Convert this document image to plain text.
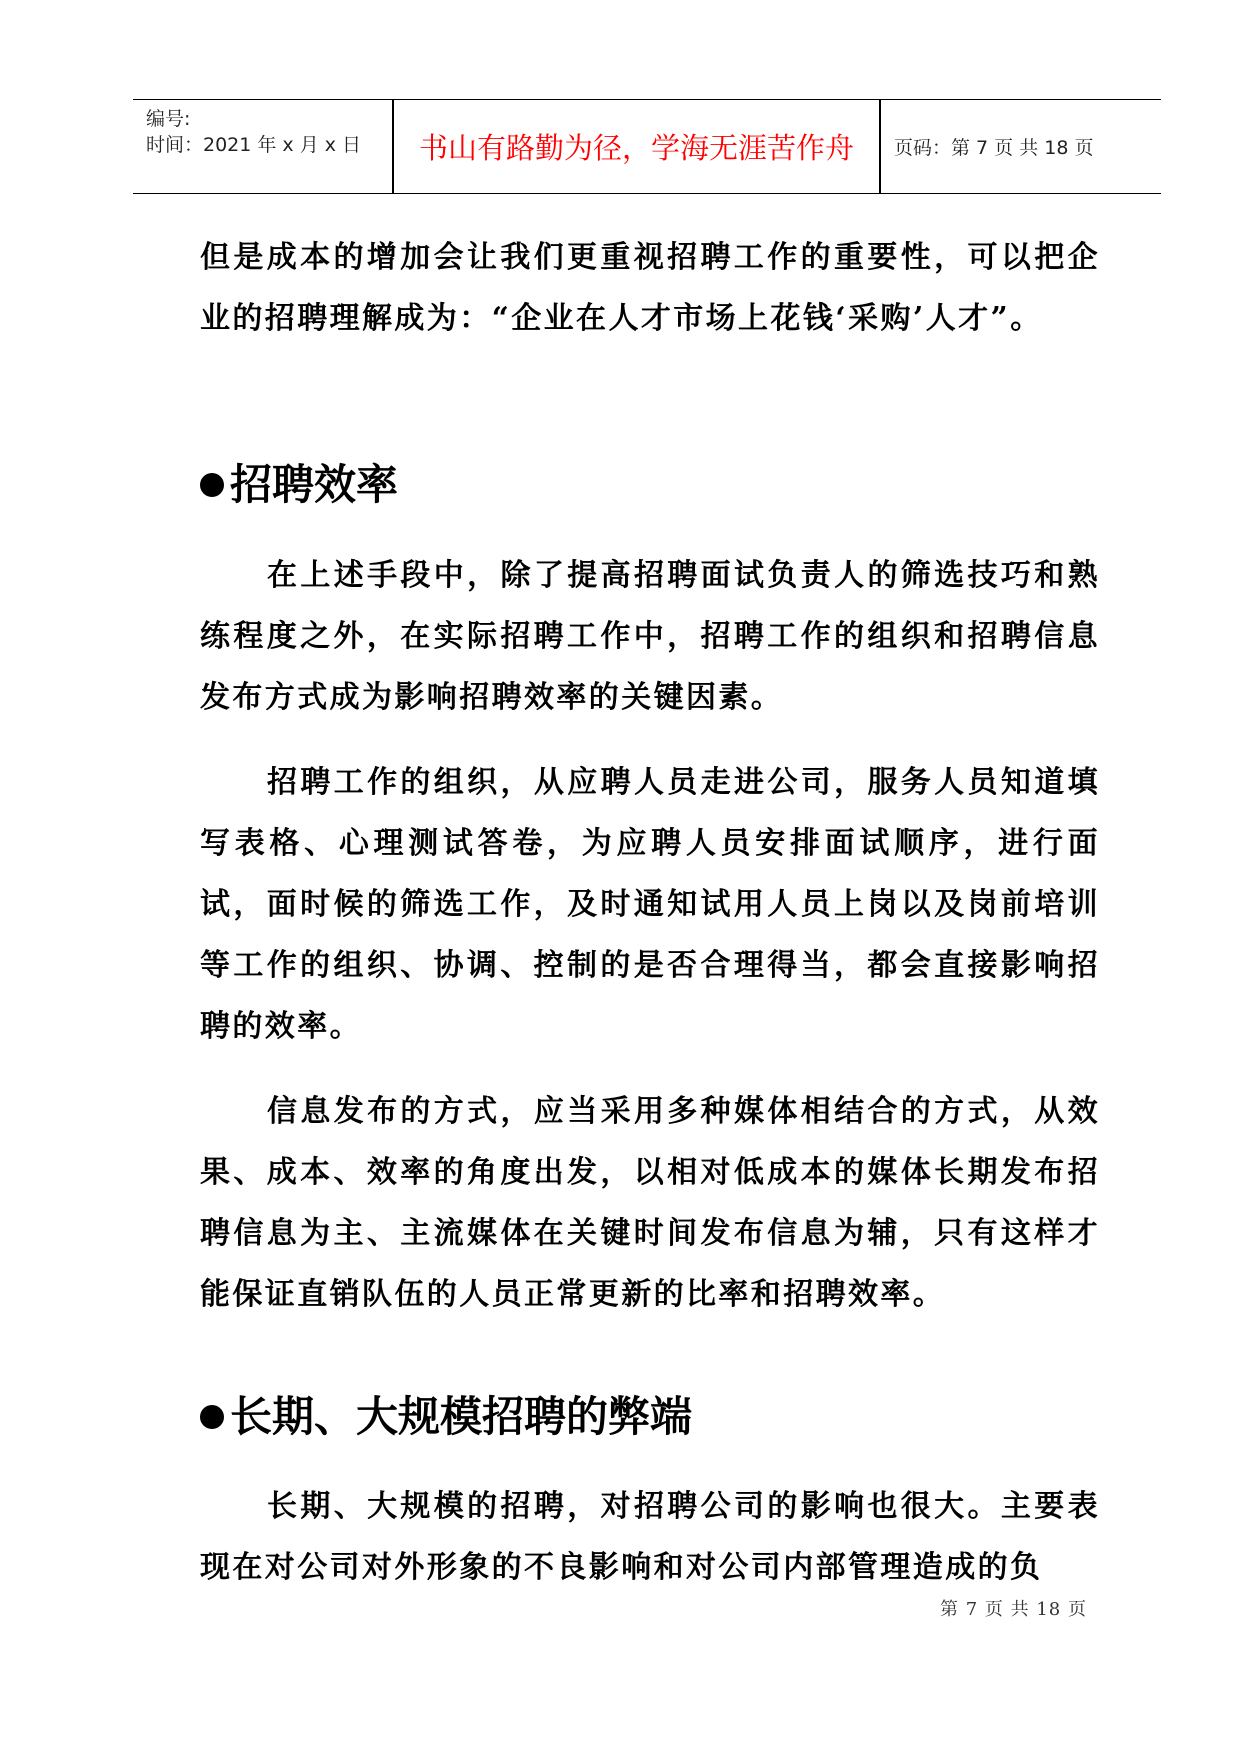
编号:
时间：2021 年 x 月 x 日	书山有路勤为径，学海无涯苦作舟	页码：第 7 页 共 18 页

但是成本的增加会让我们更重视招聘工作的重要性，可以把企业的招聘理解成为：“企业在人才市场上花钱‘采购’人才”。

招聘效率

在上述手段中，除了提高招聘面试负责人的筛选技巧和熟练程度之外，在实际招聘工作中，招聘工作的组织和招聘信息发布方式成为影响招聘效率的关键因素。

招聘工作的组织，从应聘人员走进公司，服务人员知道填写表格、心理测试答卷，为应聘人员安排面试顺序，进行面试，面时候的筛选工作，及时通知试用人员上岗以及岗前培训等工作的组织、协调、控制的是否合理得当，都会直接影响招聘的效率。

信息发布的方式，应当采用多种媒体相结合的方式，从效果、成本、效率的角度出发，以相对低成本的媒体长期发布招聘信息为主、主流媒体在关键时间发布信息为辅，只有这样才能保证直销队伍的人员正常更新的比率和招聘效率。

长期、大规模招聘的弊端

长期、大规模的招聘，对招聘公司的影响也很大。主要表现在对公司对外形象的不良影响和对公司内部管理造成的负

第 7 页 共 18 页
